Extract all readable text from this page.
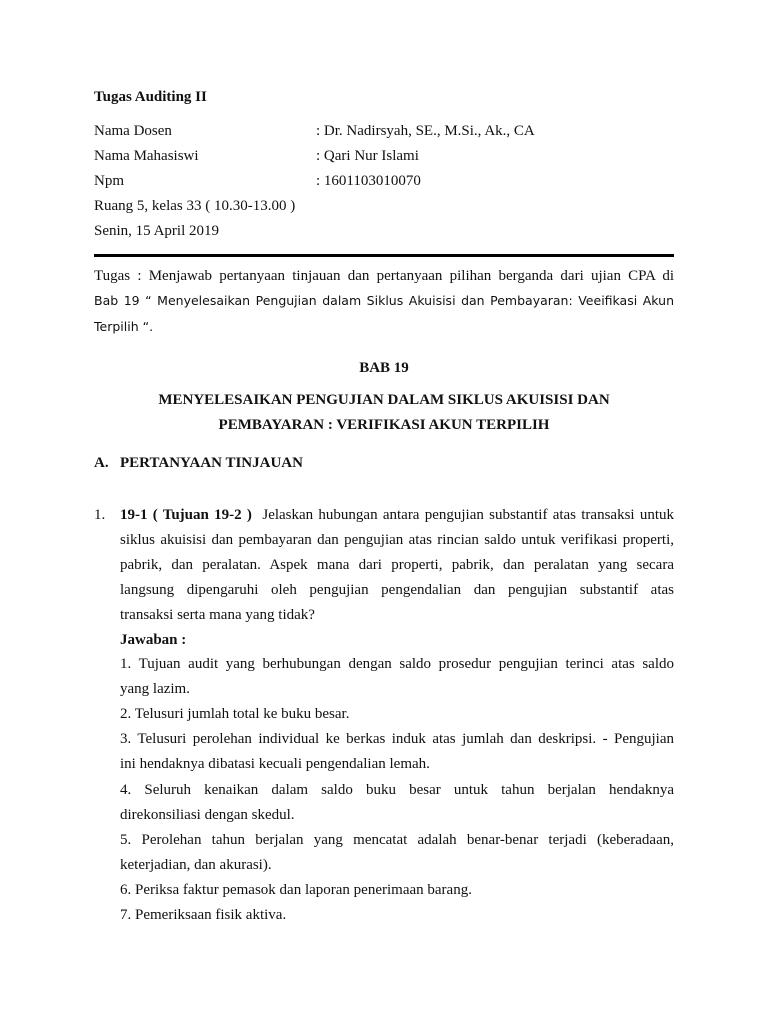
Tugas Auditing II
Nama Dosen	: Dr. Nadirsyah, SE., M.Si., Ak., CA
Nama Mahasiswi	: Qari Nur Islami
Npm	: 1601103010070
Ruang 5, kelas 33 ( 10.30-13.00 )
Senin, 15 April 2019
Tugas : Menjawab pertanyaan tinjauan dan pertanyaan pilihan berganda dari ujian CPA di
Bab 19 “ Menyelesaikan Pengujian dalam Siklus Akuisisi dan Pembayaran: Veeifikasi Akun
Terpilih “.
BAB 19
MENYELESAIKAN PENGUJIAN DALAM SIKLUS AKUISISI DAN
PEMBAYARAN : VERIFIKASI AKUN TERPILIH
A. PERTANYAAN TINJAUAN
1. 19-1 ( Tujuan 19-2 ) Jelaskan hubungan antara pengujian substantif atas transaksi untuk
siklus akuisisi dan pembayaran dan pengujian atas rincian saldo untuk verifikasi properti,
pabrik, dan peralatan. Aspek mana dari properti, pabrik, dan peralatan yang secara
langsung dipengaruhi oleh pengujian pengendalian dan pengujian substantif atas
transaksi serta mana yang tidak?
Jawaban :
1. Tujuan audit yang berhubungan dengan saldo prosedur pengujian terinci atas saldo
yang lazim.
2. Telusuri jumlah total ke buku besar.
3. Telusuri perolehan individual ke berkas induk atas jumlah dan deskripsi. - Pengujian
ini hendaknya dibatasi kecuali pengendalian lemah.
4. Seluruh kenaikan dalam saldo buku besar untuk tahun berjalan hendaknya
direkonsiliasi dengan skedul.
5. Perolehan tahun berjalan yang mencatat adalah benar-benar terjadi (keberadaan,
keterjadian, dan akurasi).
6. Periksa faktur pemasok dan laporan penerimaan barang.
7. Pemeriksaan fisik aktiva.
